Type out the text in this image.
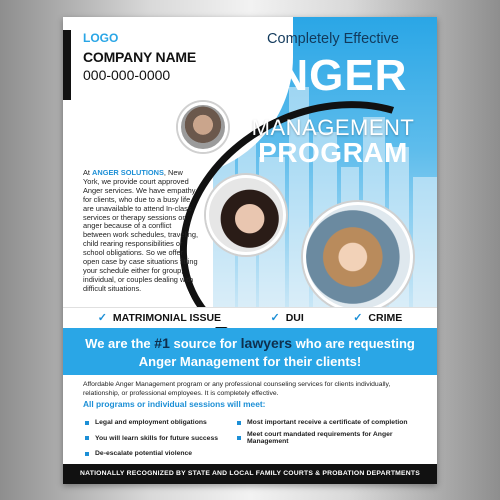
LOGO
COMPANY NAME
000-000-0000
Completely Effective
ANGER
MANAGEMENT
PROGRAM
At ANGER SOLUTIONS, New York, we provide court approved Anger services. We have empathy for clients, who due to a busy life are unavailable to attend In-class services or therapy sessions on anger because of a conflict between work schedules, traveling, child rearing responsibilities or school obligations. So we offer open case by case situations fitting your schedule either for group, individual, or couples dealing with difficult situations.
✓ MATRIMONIAL ISSUE	✓ DUI	✓ CRIME
We are the #1 source for lawyers who are requesting
Anger Management for their clients!
Affordable Anger Management program or any professional counseling services for clients individually, relationship, or professional employees. It is completely effective.
All programs or individual sessions will meet:
Legal and employment obligations	Most important receive a certificate of completion
You will learn skills for future success	Meet court mandated requirements for Anger Management
De-escalate potential violence
NATIONALLY RECOGNIZED BY STATE AND LOCAL FAMILY COURTS & PROBATION DEPARTMENTS
